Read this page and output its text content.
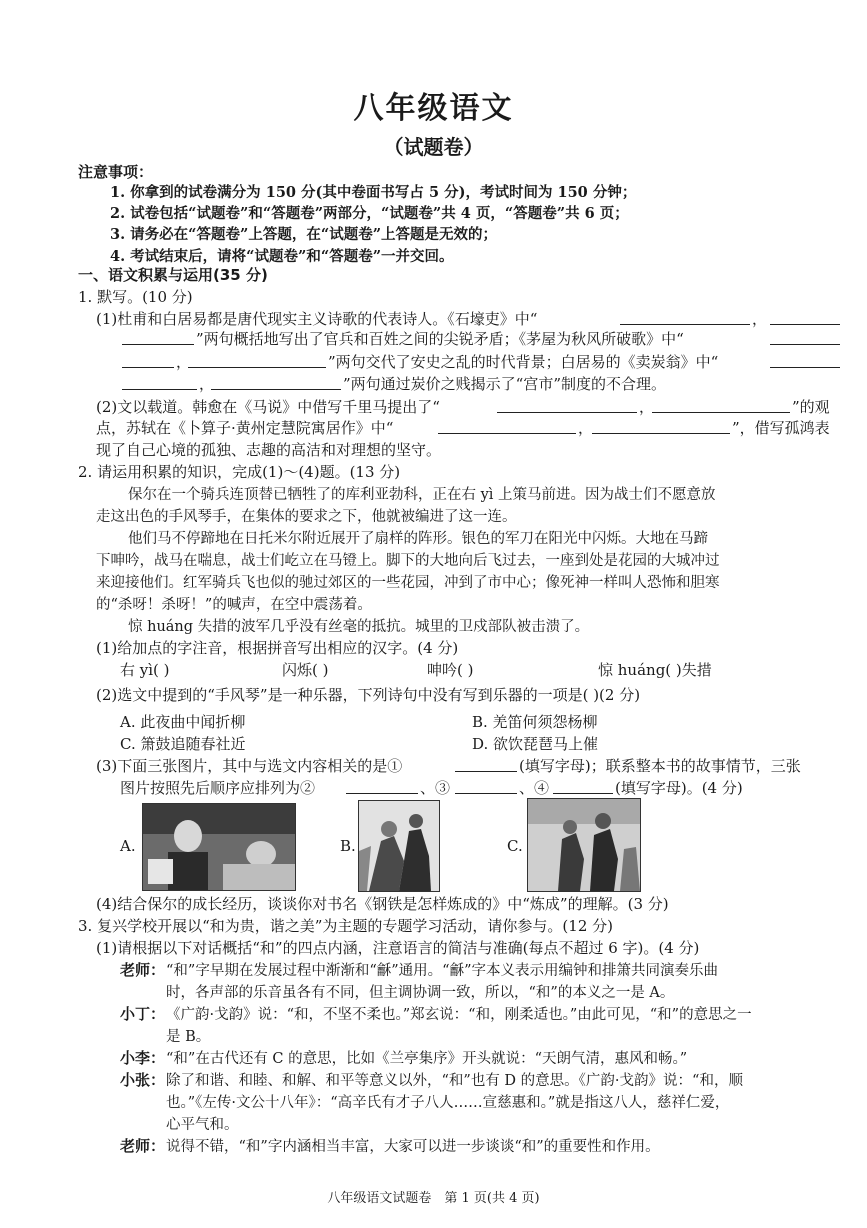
八年级语文
（试题卷）
注意事项：
1. 你拿到的试卷满分为 150 分(其中卷面书写占 5 分)，考试时间为 150 分钟；
2. 试卷包括“试题卷”和“答题卷”两部分，“试题卷”共 4 页，“答题卷”共 6 页；
3. 请务必在“答题卷”上答题，在“试题卷”上答题是无效的；
4. 考试结束后，请将“试题卷”和“答题卷”一并交回。
一、语文积累与运用(35 分)
1. 默写。(10 分)
(1)杜甫和白居易都是唐代现实主义诗歌的代表诗人。《石壕吏》中“	，
”两句概括地写出了官兵和百姓之间的尖锐矛盾；《茅屋为秋风所破歌》中“
，	”两句交代了安史之乱的时代背景；白居易的《卖炭翁》中“
，	”两句通过炭价之贱揭示了“宫市”制度的不合理。
(2)文以载道。韩愈在《马说》中借写千里马提出了“	，	”的观
点，苏轼在《卜算子·黄州定慧院寓居作》中“	，	”，借写孤鸿表
现了自己心境的孤独、志趣的高洁和对理想的坚守。
2. 请运用积累的知识，完成(1)～(4)题。(13 分)
保尔在一个骑兵连顶替已牺牲了的库利亚勃科，正在右 yì 上策马前进。因为战士们不愿意放
走这出色的手风琴手，在集体的要求之下，他就被编进了这一连。
他们马不停蹄地在日托米尔附近展开了扇样的阵形。银色的军刀在阳光中闪烁。大地在马蹄
下呻吟，战马在喘息，战士们屹立在马镫上。脚下的大地向后飞过去，一座到处是花园的大城冲过
来迎接他们。红军骑兵飞也似的驰过郊区的一些花园，冲到了市中心；像死神一样叫人恐怖和胆寒
的“杀呀！杀呀！”的喊声，在空中震荡着。
惊 huáng 失措的波军几乎没有丝毫的抵抗。城里的卫戍部队被击溃了。
(1)给加点的字注音，根据拼音写出相应的汉字。(4 分)
右 yì( )	闪烁( )	呻吟( )	惊 huáng( )失措
(2)选文中提到的“手风琴”是一种乐器，下列诗句中没有写到乐器的一项是( )(2 分)
A. 此夜曲中闻折柳	B. 羌笛何须怨杨柳
C. 箫鼓追随春社近	D. 欲饮琵琶马上催
(3)下面三张图片，其中与选文内容相关的是①	(填写字母)；联系整本书的故事情节，三张
图片按照先后顺序应排列为②	、③	、④	(填写字母)。(4 分)
A.	B.	C.
(4)结合保尔的成长经历，谈谈你对书名《钢铁是怎样炼成的》中“炼成”的理解。(3 分)
3. 复兴学校开展以“和为贵，谐之美”为主题的专题学习活动，请你参与。(12 分)
(1)请根据以下对话概括“和”的四点内涵，注意语言的简洁与准确(每点不超过 6 字)。(4 分)
老师： “和”字早期在发展过程中渐渐和“龢”通用。“龢”字本义表示用编钟和排箫共同演奏乐曲
时，各声部的乐音虽各有不同，但主调协调一致，所以，“和”的本义之一是 A。
小丁： 《广韵·戈韵》说：“和，不坚不柔也。”郑玄说：“和，刚柔适也。”由此可见，“和”的意思之一
是 B。
小李： “和”在古代还有 C 的意思，比如《兰亭集序》开头就说：“天朗气清，惠风和畅。”
小张： 除了和谐、和睦、和解、和平等意义以外，“和”也有 D 的意思。《广韵·戈韵》说：“和，顺
也。”《左传·文公十八年》：“高辛氏有才子八人……宣慈惠和。”就是指这八人，慈祥仁爱，
心平气和。
老师： 说得不错，“和”字内涵相当丰富，大家可以进一步谈谈“和”的重要性和作用。
八年级语文试题卷　第 1 页(共 4 页)
